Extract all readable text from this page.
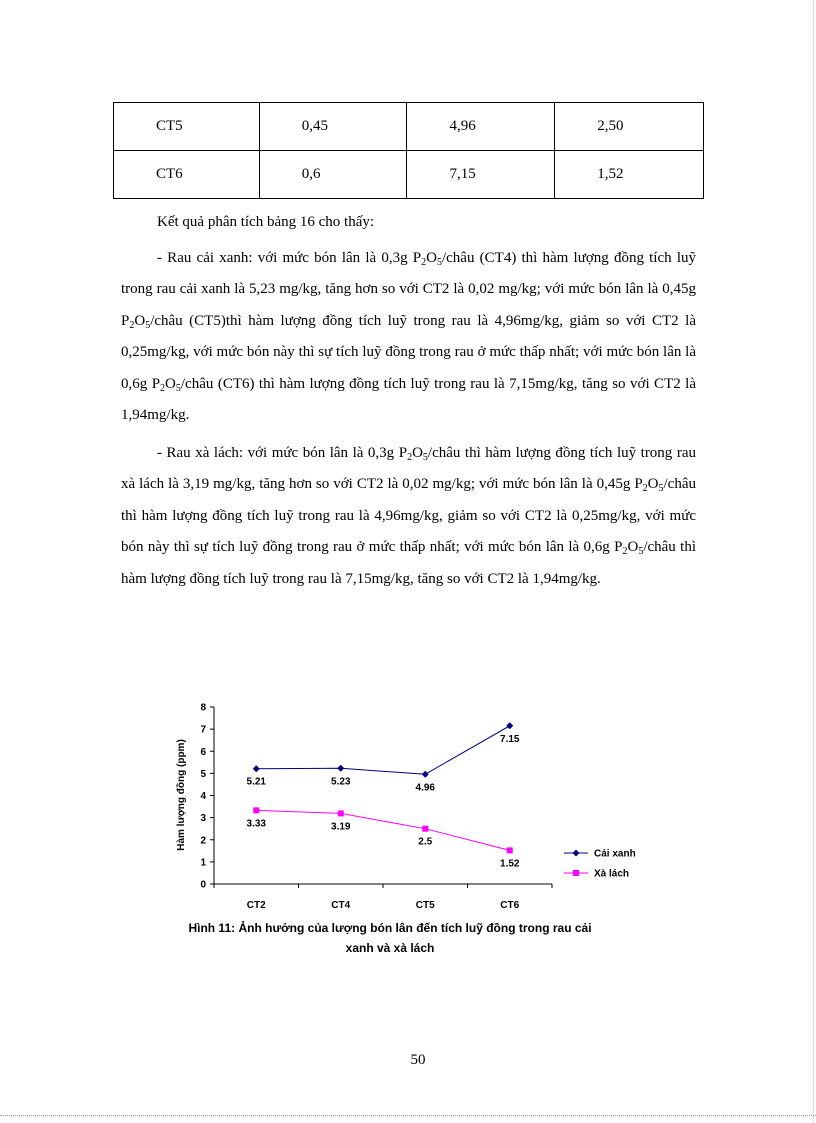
CT5	0,45	4,96	2,50
CT6	0,6	7,15	1,52

Kết quả phân tích bảng 16 cho thấy:

- Rau cải xanh: với mức bón lân là 0,3g $P_2O_5$/châu (CT4) thì hàm lượng đồng tích luỹ trong rau cải xanh là 5,23 mg/kg, tăng hơn so với CT2 là 0,02 mg/kg; với mức bón lân là 0,45g $P_2O_5$/châu (CT5)thì hàm lượng đồng tích luỹ trong rau là 4,96mg/kg, giảm so với CT2 là 0,25mg/kg, với mức bón này thì sự tích luỹ đồng trong rau ở mức thấp nhất; với mức bón lân là 0,6g $P_2O_5$/châu (CT6) thì hàm lượng đồng tích luỹ trong rau là 7,15mg/kg, tăng so với CT2 là 1,94mg/kg.

- Rau xà lách: với mức bón lân là 0,3g $P_2O_5$/châu thì hàm lượng đồng tích luỹ trong rau xà lách là 3,19 mg/kg, tăng hơn so với CT2 là 0,02 mg/kg; với mức bón lân là 0,45g $P_2O_5$/châu thì hàm lượng đồng tích luỹ trong rau là 4,96mg/kg, giảm so với CT2 là 0,25mg/kg, với mức bón này thì sự tích luỹ đồng trong rau ở mức thấp nhất; với mức bón lân là 0,6g $P_2O_5$/châu thì hàm lượng đồng tích luỹ trong rau là 7,15mg/kg, tăng so với CT2 là 1,94mg/kg.

Hàm lượng đồng (ppm)
0
1
2
3
4
5
6
7
8
CT2	CT4	CT5	CT6
5.21	5.23
4.96
7.15
3.33	3.19
2.5
1.52
Cải xanh
Xà lách
Hình 11: Ảnh hưởng của lượng bón lân đến tích luỹ đồng trong rau cải
xanh và xà lách
50
